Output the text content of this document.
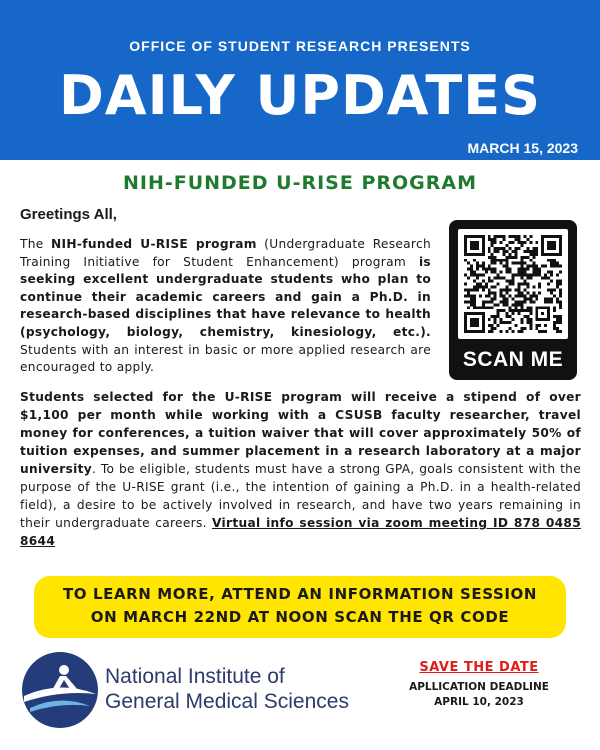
OFFICE OF STUDENT RESEARCH PRESENTS
DAILY UPDATES
MARCH 15, 2023
NIH-FUNDED U-RISE PROGRAM
Greetings All,

The NIH-funded U-RISE program (Undergraduate Research Training Initiative for Student Enhancement) program is seeking excellent undergraduate students who plan to continue their academic careers and gain a Ph.D. in research-based disciplines that have relevance to health (psychology, biology, chemistry, kinesiology, etc.). Students with an interest in basic or more applied research are encouraged to apply.	SCAN ME

Students selected for the U-RISE program will receive a stipend of over $1,100 per month while working with a CSUSB faculty researcher, travel money for conferences, a tuition waiver that will cover approximately 50% of tuition expenses, and summer placement in a research laboratory at a major university. To be eligible, students must have a strong GPA, goals consistent with the purpose of the U-RISE grant (i.e., the intention of gaining a Ph.D. in a health-related field), a desire to be actively involved in research, and have two years remaining in their undergraduate careers. Virtual info session via zoom meeting ID 878 0485 8644

TO LEARN MORE, ATTEND AN INFORMATION SESSION
ON MARCH 22ND AT NOON SCAN THE QR CODE
National Institute of
General Medical Sciences
SAVE THE DATE
APLLICATION DEADLINE
APRIL 10, 2023
